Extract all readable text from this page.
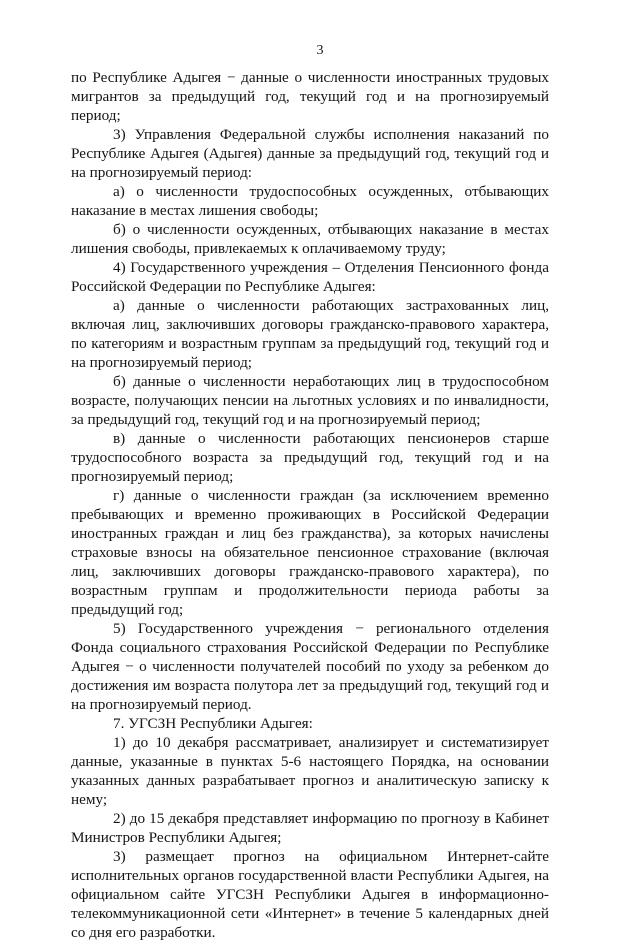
3

по Республике Адыгея − данные о численности иностранных трудовых мигрантов за предыдущий год, текущий год и на прогнозируемый период;

3) Управления Федеральной службы исполнения наказаний по Республике Адыгея (Адыгея) данные за предыдущий год, текущий год и на прогнозируемый период:

а) о численности трудоспособных осужденных, отбывающих наказание в местах лишения свободы;

б) о численности осужденных, отбывающих наказание в местах лишения свободы, привлекаемых к оплачиваемому труду;

4) Государственного учреждения – Отделения Пенсионного фонда Российской Федерации по Республике Адыгея:

а) данные о численности работающих застрахованных лиц, включая лиц, заключивших договоры гражданско-правового характера, по категориям и возрастным группам за предыдущий год, текущий год и на прогнозируемый период;

б) данные о численности неработающих лиц в трудоспособном возрасте, получающих пенсии на льготных условиях и по инвалидности, за предыдущий год, текущий год и на прогнозируемый период;

в) данные о численности работающих пенсионеров старше трудоспособного возраста за предыдущий год, текущий год и на прогнозируемый период;

г) данные о численности граждан (за исключением временно пребывающих и временно проживающих в Российской Федерации иностранных граждан и лиц без гражданства), за которых начислены страховые взносы на обязательное пенсионное страхование (включая лиц, заключивших договоры гражданско-правового характера), по возрастным группам и продолжительности периода работы за предыдущий год;

5) Государственного учреждения − регионального отделения Фонда социального страхования Российской Федерации по Республике Адыгея − о численности получателей пособий по уходу за ребенком до достижения им возраста полутора лет за предыдущий год, текущий год и на прогнозируемый период.

7. УГСЗН Республики Адыгея:

1) до 10 декабря рассматривает, анализирует и систематизирует данные, указанные в пунктах 5-6 настоящего Порядка, на основании указанных данных разрабатывает прогноз и аналитическую записку к нему;

2) до 15 декабря представляет информацию по прогнозу в Кабинет Министров Республики Адыгея;

3) размещает прогноз на официальном Интернет-сайте исполнительных органов государственной власти Республики Адыгея, на официальном сайте УГСЗН Республики Адыгея в информационно-телекоммуникационной сети «Интернет» в течение 5 календарных дней со дня его разработки.
